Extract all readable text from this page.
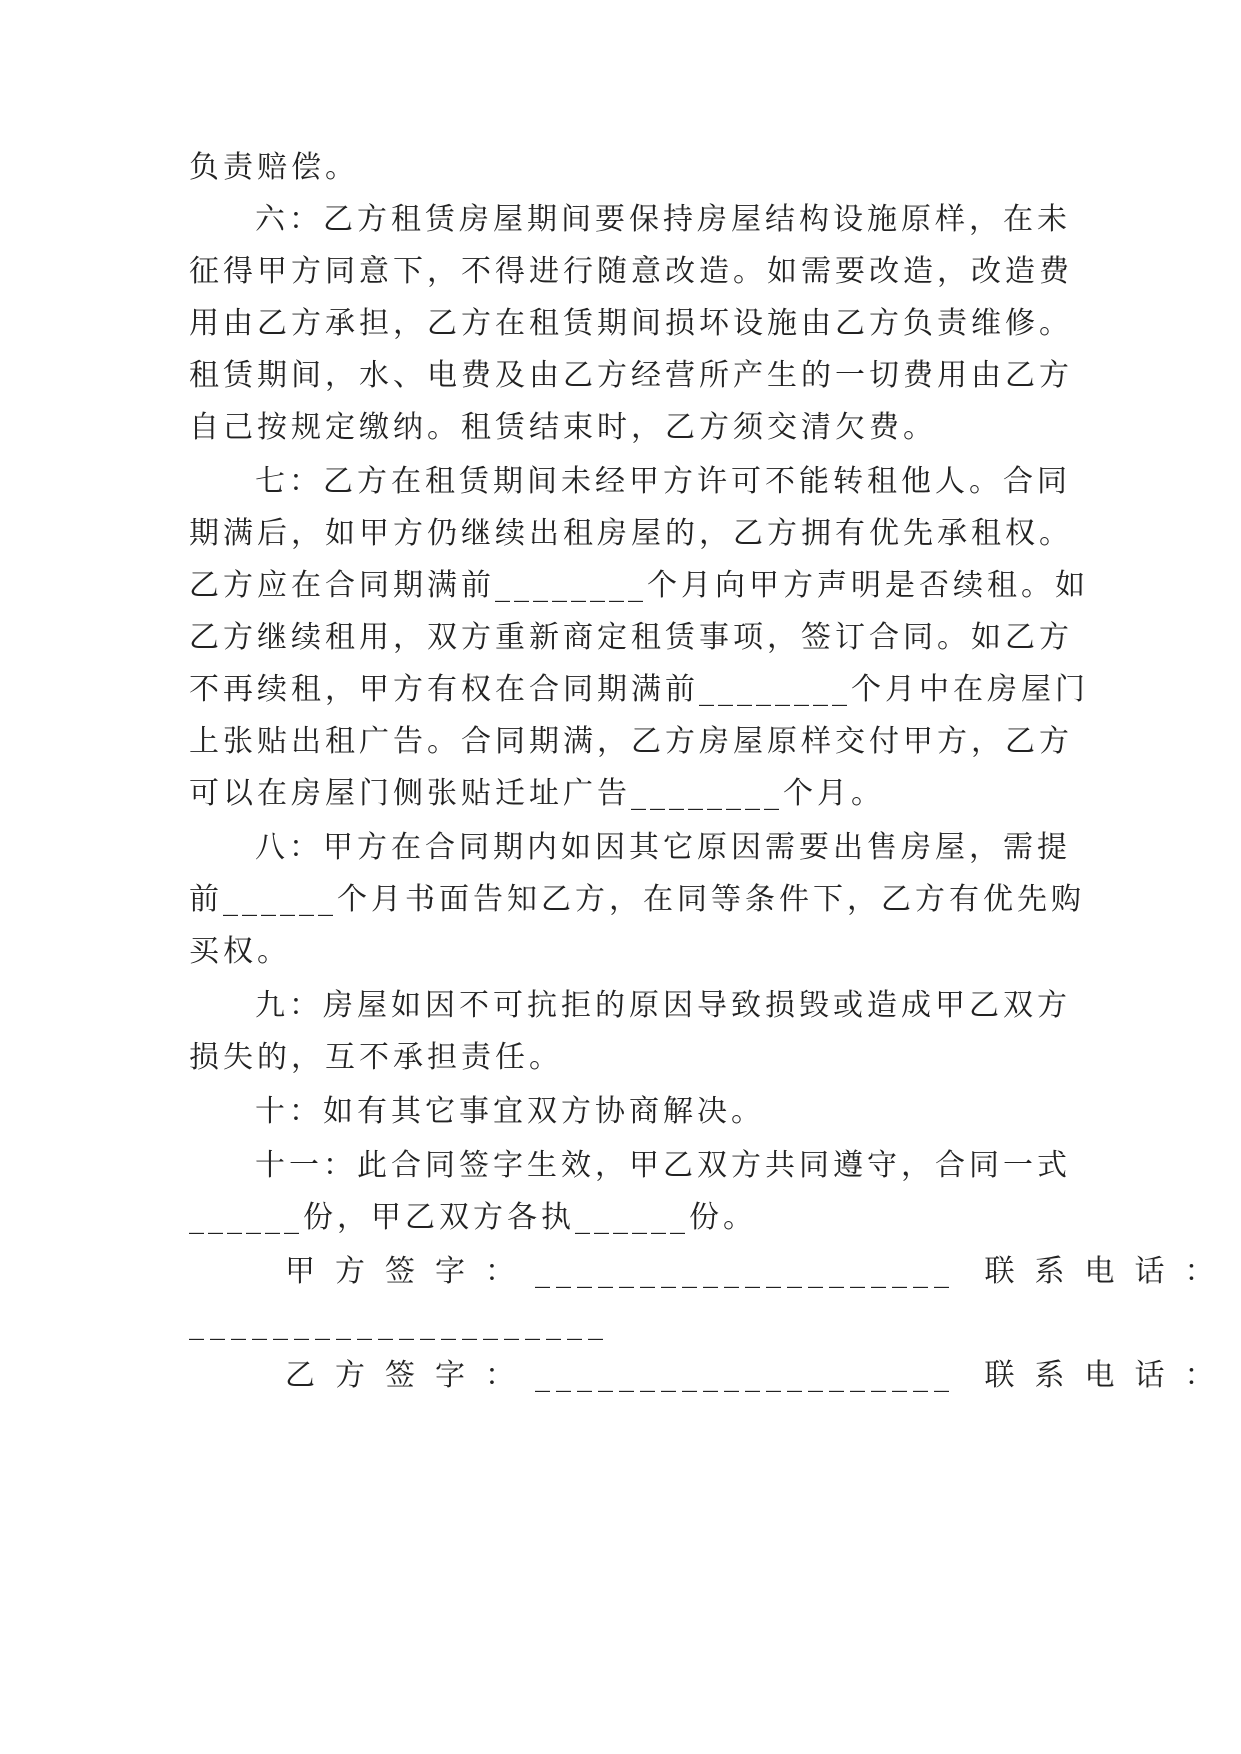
负责赔偿。
六：乙方租赁房屋期间要保持房屋结构设施原样，在未
征得甲方同意下，不得进行随意改造。如需要改造，改造费
用由乙方承担，乙方在租赁期间损坏设施由乙方负责维修。
租赁期间，水、电费及由乙方经营所产生的一切费用由乙方
自己按规定缴纳。租赁结束时，乙方须交清欠费。
七：乙方在租赁期间未经甲方许可不能转租他人。合同
期满后，如甲方仍继续出租房屋的，乙方拥有优先承租权。
乙方应在合同期满前________个月向甲方声明是否续租。如
乙方继续租用，双方重新商定租赁事项，签订合同。如乙方
不再续租，甲方有权在合同期满前________个月中在房屋门
上张贴出租广告。合同期满，乙方房屋原样交付甲方，乙方
可以在房屋门侧张贴迁址广告________个月。
八：甲方在合同期内如因其它原因需要出售房屋，需提
前______个月书面告知乙方，在同等条件下，乙方有优先购
买权。
九：房屋如因不可抗拒的原因导致损毁或造成甲乙双方
损失的，互不承担责任。
十：如有其它事宜双方协商解决。
十一：此合同签字生效，甲乙双方共同遵守，合同一式
______份，甲乙双方各执______份。
甲方签字：____________________ 联系电话：
____________________
乙方签字：____________________ 联系电话：
